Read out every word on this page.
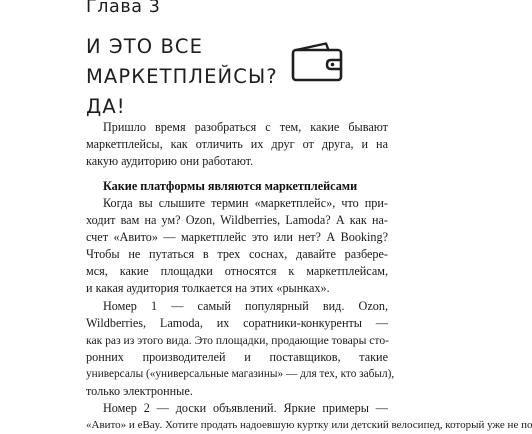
Глава 3
И ЭТО ВСЕ
МАРКЕТПЛЕЙСЫ?
ДА!
Пришло время разобраться с тем, какие бывают
маркетплейсы, как отличить их друг от друга, и на
какую аудиторию они работают.
Какие платформы являются маркетплейсами
Когда вы слышите термин «маркетплейс», что при-
ходит вам на ум? Ozon, Wildberries, Lamoda? А как на-
счет «Авито» — маркетплейс это или нет? А Booking?
Чтобы не путаться в трех соснах, давайте разбере-
мся, какие площадки относятся к маркетплейсам,
и какая аудитория толкается на этих «рынках».
Номер 1 — самый популярный вид. Ozon,
Wildberries, Lamoda, их соратники-конкуренты —
как раз из этого вида. Это площадки, продающие товары сто-
ронних производителей и поставщиков, такие
универсалы («универсальные магазины» — для тех, кто забыл),
только электронные.
Номер 2 — доски объявлений. Яркие примеры —
«Авито» и eBay. Хотите продать надоевшую куртку или детский велосипед, который уже не по
